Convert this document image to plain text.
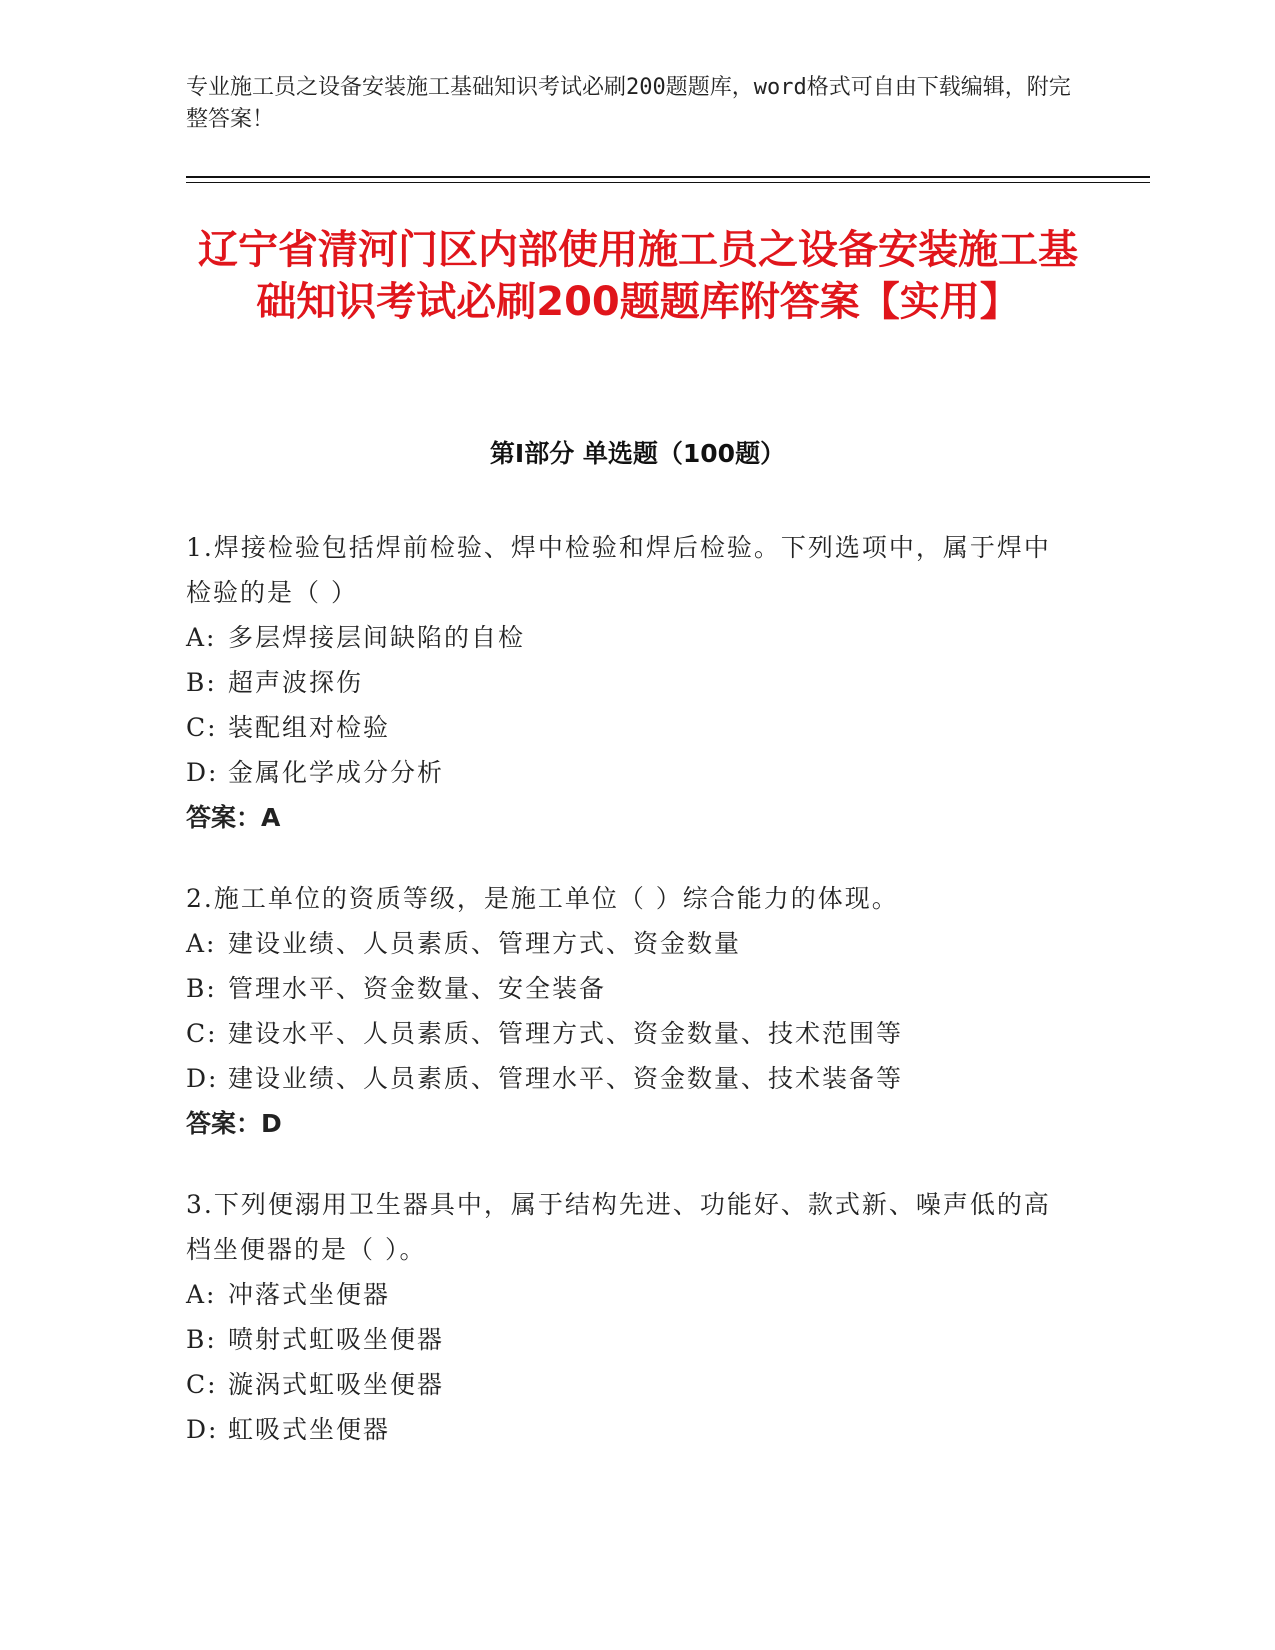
专业施工员之设备安装施工基础知识考试必刷200题题库，word格式可自由下载编辑，附完整答案！
辽宁省清河门区内部使用施工员之设备安装施工基础知识考试必刷200题题库附答案【实用】
第I部分 单选题（100题）

1.焊接检验包括焊前检验、焊中检验和焊后检验。下列选项中，属于焊中检验的是（ ）

A: 多层焊接层间缺陷的自检

B: 超声波探伤

C: 装配组对检验

D: 金属化学成分分析

答案：A

2.施工单位的资质等级，是施工单位（ ）综合能力的体现。

A: 建设业绩、人员素质、管理方式、资金数量

B: 管理水平、资金数量、安全装备

C: 建设水平、人员素质、管理方式、资金数量、技术范围等

D: 建设业绩、人员素质、管理水平、资金数量、技术装备等

答案：D

3.下列便溺用卫生器具中，属于结构先进、功能好、款式新、噪声低的高档坐便器的是（ ）。

A: 冲落式坐便器

B: 喷射式虹吸坐便器

C: 漩涡式虹吸坐便器

D: 虹吸式坐便器
